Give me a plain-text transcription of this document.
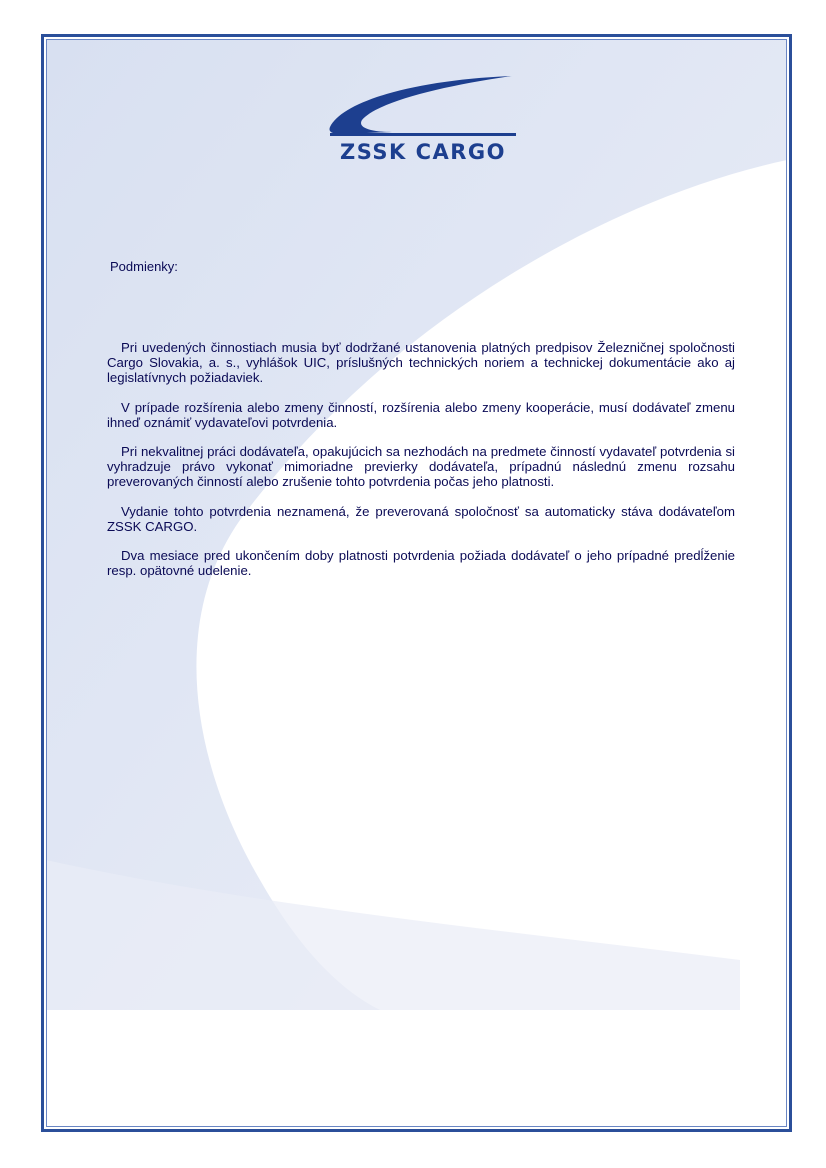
ZSSK CARGO
Podmienky:

Pri uvedených činnostiach musia byť dodržané ustanovenia platných predpisov Železničnej spoločnosti Cargo Slovakia, a. s., vyhlášok UIC, príslušných technických noriem a technickej dokumentácie ako aj legislatívnych požiadaviek.

V prípade rozšírenia alebo zmeny činností, rozšírenia alebo zmeny kooperácie, musí dodávateľ zmenu ihneď oznámiť vydavateľovi potvrdenia.

Pri nekvalitnej práci dodávateľa, opakujúcich sa nezhodách na predmete činností vydavateľ potvrdenia si vyhradzuje právo vykonať mimoriadne previerky dodávateľa, prípadnú následnú zmenu rozsahu preverovaných činností alebo zrušenie tohto potvrdenia počas jeho platnosti.

Vydanie tohto potvrdenia neznamená, že preverovaná spoločnosť sa automaticky stáva dodávateľom ZSSK CARGO.

Dva mesiace pred ukončením doby platnosti potvrdenia požiada dodávateľ o jeho prípadné predĺženie resp. opätovné udelenie.
